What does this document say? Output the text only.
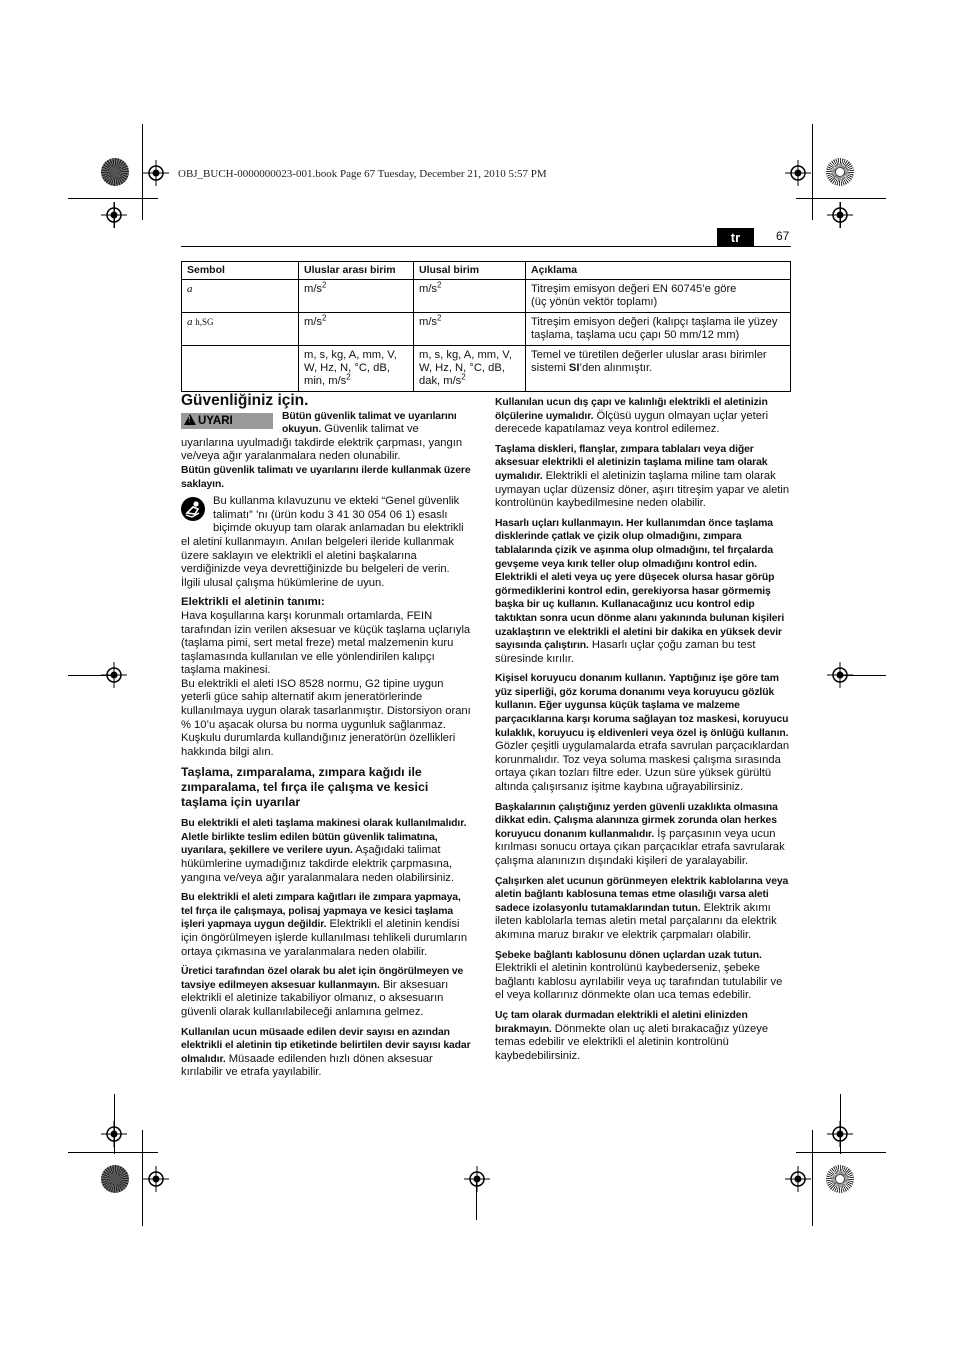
OBJ_BUCH-0000000023-001.book Page 67 Tuesday, December 21, 2010 5:57 PM
tr	67
Sembol	Uluslar arası birim	Ulusal birim	Açıklama
a	$m/s^2$	$m/s^2$	Titreşim emisyon değeri EN 60745’e göre
(üç yönün vektör toplamı)
a h,SG	$m/s^2$	$m/s^2$	Titreşim emisyon değeri (kalıpçı taşlama ile yüzey
taşlama, taşlama ucu çapı 50 mm/12 mm)
	m, s, kg, A, mm, V, W, Hz, N, °C, dB, min, $m/s^2$	m, s, kg, A, mm, V, W, Hz, N, °C, dB, dak, $m/s^2$	Temel ve türetilen değerler uluslar arası birimler sistemi SI’den alınmıştır.
Güvenliğiniz için.
!UYARI	Bütün güvenlik talimat ve uyarılarını okuyun. Güvenlik talimat ve uyarılarına uyulmadığı takdirde elektrik çarpması, yangın ve/veya ağır yaralanmalara neden olunabilir.

Bütün güvenlik talimatı ve uyarılarını ilerde kullanmak üzere saklayın.

Bu kullanma kılavuzunu ve ekteki “Genel güvenlik talimatı” ’nı (ürün kodu 3 41 30 054 06 1) esaslı biçimde okuyup tam olarak anlamadan bu elektrikli el aletini kullanmayın. Anılan belgeleri ileride kullanmak üzere saklayın ve elektrikli el aletini başkalarına verdiğinizde veya devrettiğinizde bu belgeleri de verin.
İlgili ulusal çalışma hükümlerine de uyun.

Elektrikli el aletinin tanımı:

Hava koşullarına karşı korunmalı ortamlarda, FEIN tarafından izin verilen aksesuar ve küçük taşlama uçlarıyla (taşlama pimi, sert metal freze) metal malzemenin kuru taşlamasında kullanılan ve elle yönlendirilen kalıpçı taşlama makinesi.

Bu elektrikli el aleti ISO 8528 normu, G2 tipine uygun yeterli güce sahip alternatif akım jeneratörlerinde kullanılmaya uygun olarak tasarlanmıştır. Distorsiyon oranı % 10’u aşacak olursa bu norma uygunluk sağlanmaz. Kuşkulu durumlarda kullandığınız jeneratörün özellikleri hakkında bilgi alın.

Taşlama, zımparalama, zımpara kağıdı ile zımparalama, tel fırça ile çalışma ve kesici taşlama için uyarılar

Bu elektrikli el aleti taşlama makinesi olarak kullanılmalıdır. Aletle birlikte teslim edilen bütün güvenlik talimatına, uyarılara, şekillere ve verilere uyun. Aşağıdaki talimat hükümlerine uymadığınız takdirde elektrik çarpmasına, yangına ve/veya ağır yaralanmalara neden olabilirsiniz.

Bu elektrikli el aleti zımpara kağıtları ile zımpara yapmaya, tel fırça ile çalışmaya, polisaj yapmaya ve kesici taşlama işleri yapmaya uygun değildir. Elektrikli el aletinin kendisi için öngörülmeyen işlerde kullanılması tehlikeli durumların ortaya çıkmasına ve yaralanmalara neden olabilir.

Üretici tarafından özel olarak bu alet için öngörülmeyen ve tavsiye edilmeyen aksesuar kullanmayın. Bir aksesuarı elektrikli el aletinize takabiliyor olmanız, o aksesuarın güvenli olarak kullanılabileceği anlamına gelmez.

Kullanılan ucun müsaade edilen devir sayısı en azından elektrikli el aletinin tip etiketinde belirtilen devir sayısı kadar olmalıdır. Müsaade edilenden hızlı dönen aksesuar kırılabilir ve etrafa yayılabilir.

Kullanılan ucun dış çapı ve kalınlığı elektrikli el aletinizin ölçülerine uymalıdır. Ölçüsü uygun olmayan uçlar yeteri derecede kapatılamaz veya kontrol edilemez.

Taşlama diskleri, flanşlar, zımpara tablaları veya diğer aksesuar elektrikli el aletinizin taşlama miline tam olarak uymalıdır. Elektrikli el aletinizin taşlama miline tam olarak uymayan uçlar düzensiz döner, aşırı titreşim yapar ve aletin kontrolünün kaybedilmesine neden olabilir.

Hasarlı uçları kullanmayın. Her kullanımdan önce taşlama disklerinde çatlak ve çizik olup olmadığını, zımpara tablalarında çizik ve aşınma olup olmadığını, tel fırçalarda gevşeme veya kırık teller olup olmadığını kontrol edin. Elektrikli el aleti veya uç yere düşecek olursa hasar görüp görmediklerini kontrol edin, gerekiyorsa hasar görmemiş başka bir uç kullanın. Kullanacağınız ucu kontrol edip taktıktan sonra ucun dönme alanı yakınında bulunan kişileri uzaklaştırın ve elektrikli el aletini bir dakika en yüksek devir sayısında çalıştırın. Hasarlı uçlar çoğu zaman bu test süresinde kırılır.

Kişisel koruyucu donanım kullanın. Yaptığınız işe göre tam yüz siperliği, göz koruma donanımı veya koruyucu gözlük kullanın. Eğer uygunsa küçük taşlama ve malzeme parçacıklarına karşı koruma sağlayan toz maskesi, koruyucu kulaklık, koruyucu iş eldivenleri veya özel iş önlüğü kullanın. Gözler çeşitli uygulamalarda etrafa savrulan parçacıklardan korunmalıdır. Toz veya soluma maskesi çalışma sırasında ortaya çıkan tozları filtre eder. Uzun süre yüksek gürültü altında çalışırsanız işitme kaybına uğrayabilirsiniz.

Başkalarının çalıştığınız yerden güvenli uzaklıkta olmasına dikkat edin. Çalışma alanınıza girmek zorunda olan herkes koruyucu donanım kullanmalıdır. İş parçasının veya ucun kırılması sonucu ortaya çıkan parçacıklar etrafa savrularak çalışma alanınızın dışındaki kişileri de yaralayabilir.

Çalışırken alet ucunun görünmeyen elektrik kablolarına veya aletin bağlantı kablosuna temas etme olasılığı varsa aleti sadece izolasyonlu tutamaklarından tutun. Elektrik akımı ileten kablolarla temas aletin metal parçalarını da elektrik akımına maruz bırakır ve elektrik çarpmaları olabilir.

Şebeke bağlantı kablosunu dönen uçlardan uzak tutun. Elektrikli el aletinin kontrolünü kaybederseniz, şebeke bağlantı kablosu ayrılabilir veya uç tarafından tutulabilir ve el veya kollarınız dönmekte olan uca temas edebilir.

Uç tam olarak durmadan elektrikli el aletini elinizden bırakmayın. Dönmekte olan uç aleti bırakacağız yüzeye temas edebilir ve elektrikli el aletinin kontrolünü kaybedebilirsiniz.
